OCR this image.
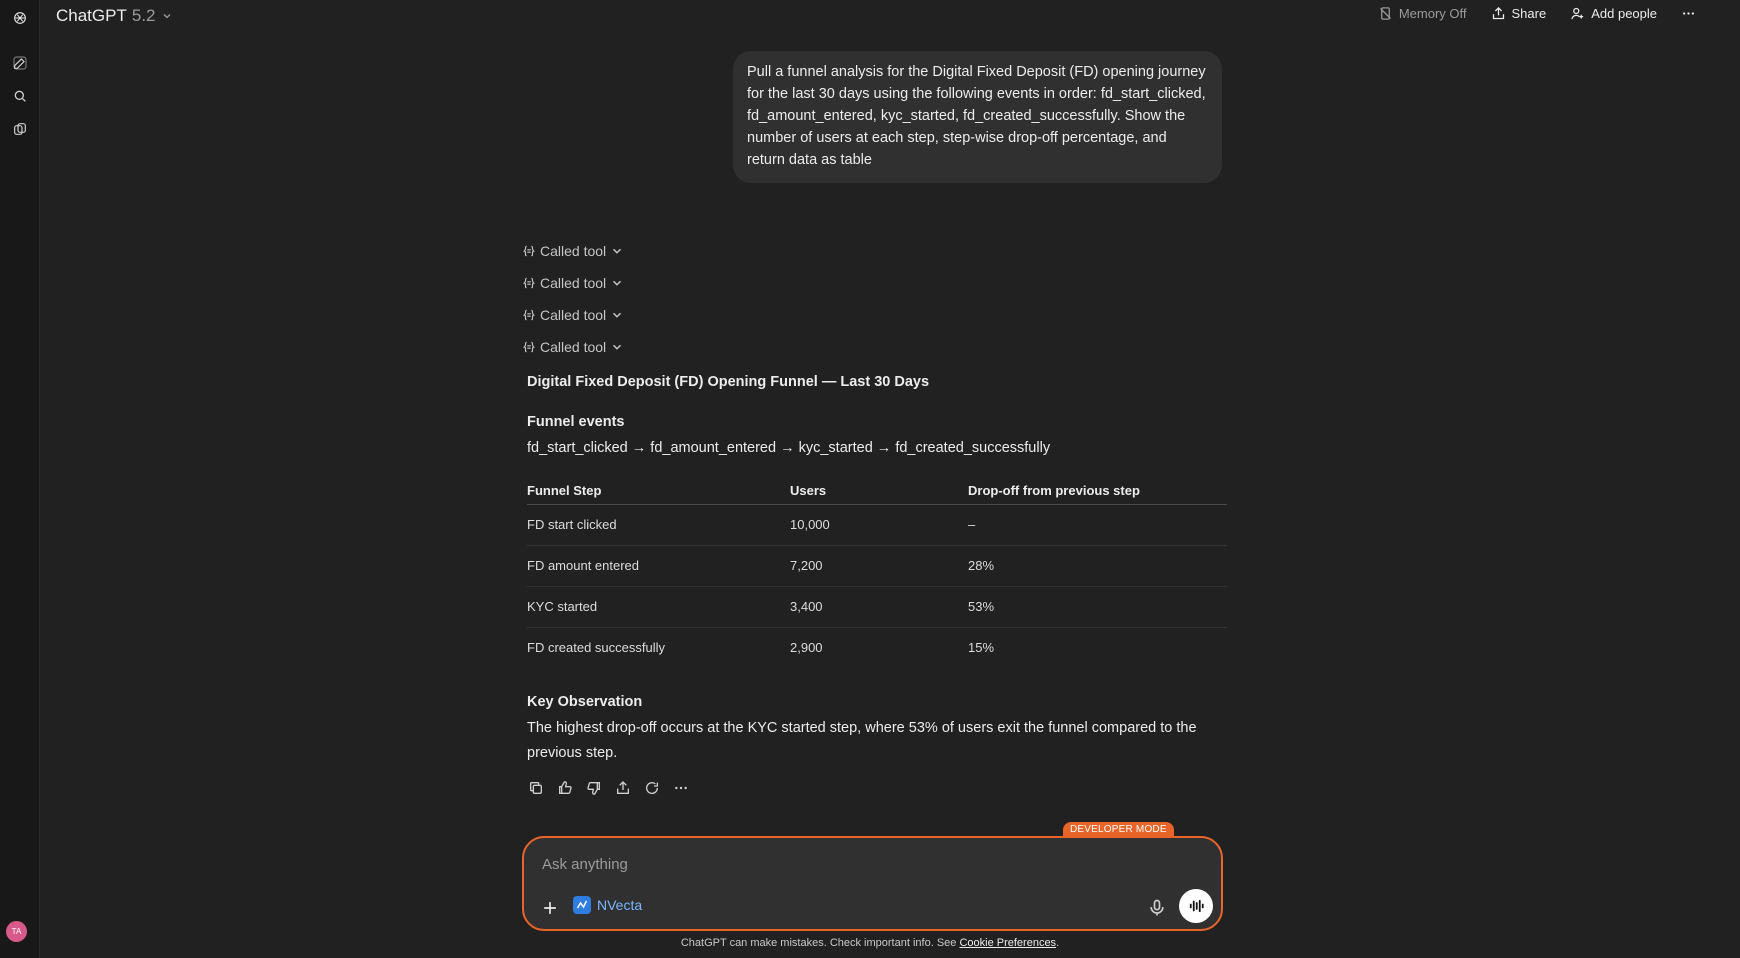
TA
ChatGPT 5.2	Memory Off	Share	Add people
Pull a funnel analysis for the Digital Fixed Deposit (FD) opening journey for the last 30 days using the following events in order: fd_start_clicked, fd_amount_entered, kyc_started, fd_created_successfully. Show the number of users at each step, step-wise drop-off percentage, and return data as table
Called tool
Called tool
Called tool
Called tool
Digital Fixed Deposit (FD) Opening Funnel — Last 30 Days
Funnel events
fd_start_clicked → fd_amount_entered → kyc_started → fd_created_successfully
Funnel Step	Users	Drop-off from previous step
FD start clicked	10,000	–
FD amount entered	7,200	28%
KYC started	3,400	53%
FD created successfully	2,900	15%
Key Observation
The highest drop-off occurs at the KYC started step, where 53% of users exit the funnel compared to the previous step.
DEVELOPER MODE
Ask anything
NVecta
ChatGPT can make mistakes. Check important info. See Cookie Preferences.
